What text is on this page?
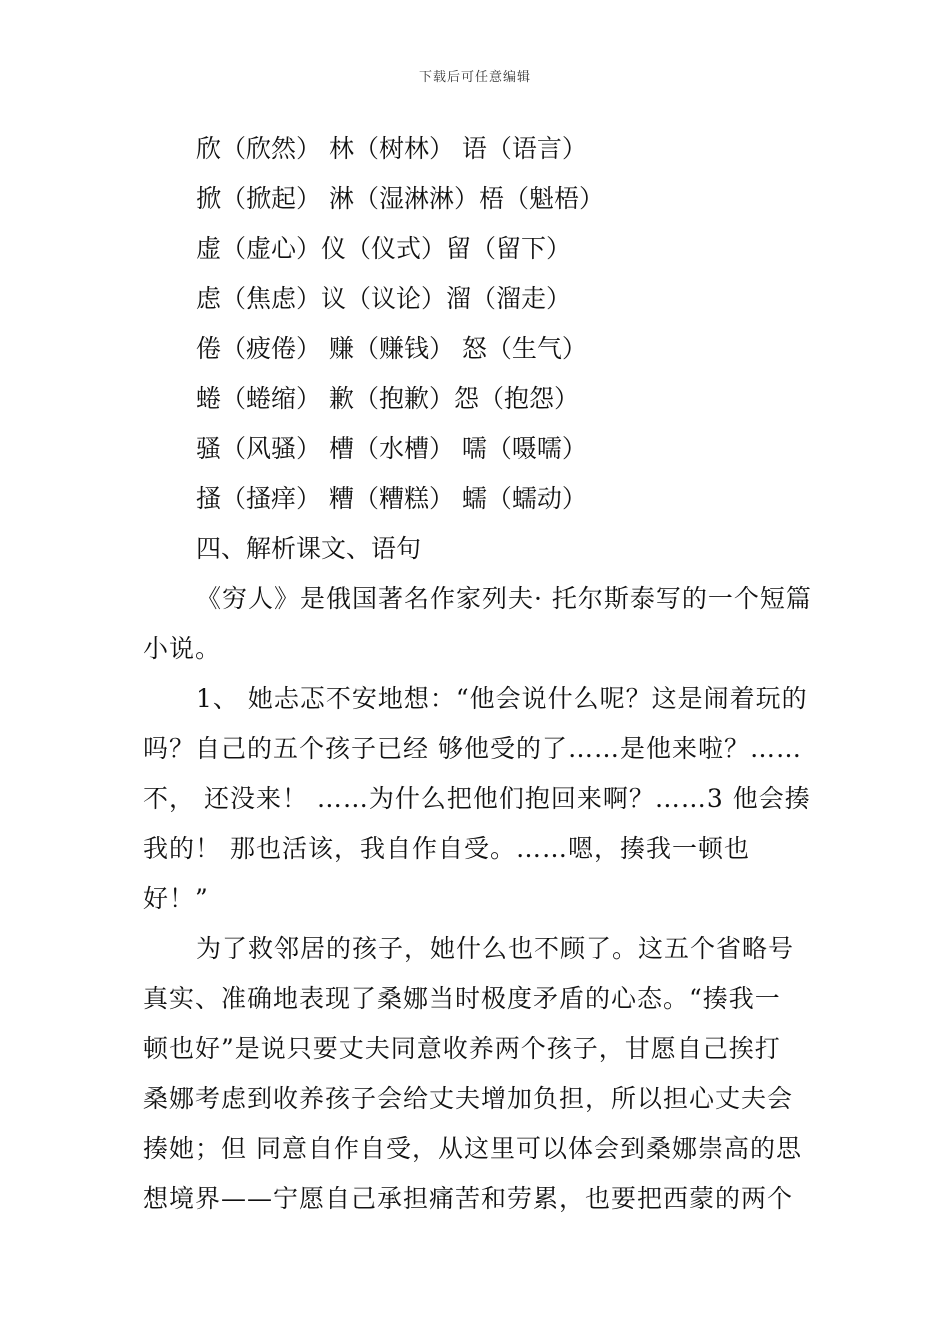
下载后可任意编辑
欣（欣然） 林（树林） 语（语言）
掀（掀起） 淋（湿淋淋）梧（魁梧）
虚（虚心）仪（仪式）留（留下）
虑（焦虑）议（议论）溜（溜走）
倦（疲倦） 赚（赚钱） 怒（生气）
蜷（蜷缩） 歉（抱歉）怨（抱怨）
骚（风骚） 槽（水槽） 嚅（嗫嚅）
搔（搔痒） 糟（糟糕） 蠕（蠕动）
四、解析课文、语句
《穷人》是俄国著名作家列夫· 托尔斯泰写的一个短篇
小说。
1、 她忐忑不安地想：“他会说什么呢？这是闹着玩的
吗？自己的五个孩子已经 够他受的了……是他来啦？……
不， 还没来！ ……为什么把他们抱回来啊？……3 他会揍
我的！ 那也活该，我自作自受。……嗯，揍我一顿也
好！”
为了救邻居的孩子，她什么也不顾了。这五个省略号
真实、准确地表现了桑娜当时极度矛盾的心态。“揍我一
顿也好”是说只要丈夫同意收养两个孩子，甘愿自己挨打
桑娜考虑到收养孩子会给丈夫增加负担，所以担心丈夫会
揍她；但 同意自作自受，从这里可以体会到桑娜崇高的思
想境界——宁愿自己承担痛苦和劳累，也要把西蒙的两个
